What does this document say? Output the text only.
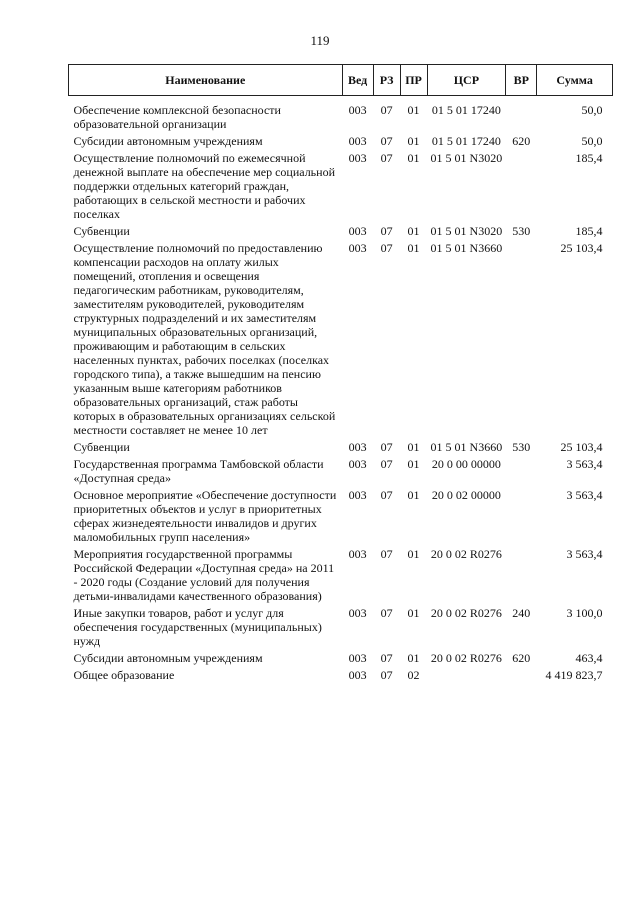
119
Наименование	Вед	РЗ	ПР	ЦСР	ВР	Сумма
Обеспечение комплексной безопасности образовательной организации	003	07	01	01 5 01 17240		50,0
Субсидии автономным учреждениям	003	07	01	01 5 01 17240	620	50,0
Осуществление полномочий по ежемесячной денежной выплате на обеспечение мер социальной поддержки отдельных категорий граждан, работающих в сельской местности и рабочих поселках	003	07	01	01 5 01 N3020		185,4
Субвенции	003	07	01	01 5 01 N3020	530	185,4
Осуществление полномочий по предоставлению компенсации расходов на оплату жилых помещений, отопления и освещения педагогическим работникам, руководителям, заместителям руководителей, руководителям структурных подразделений и их заместителям муниципальных образовательных организаций, проживающим и работающим в сельских населенных пунктах, рабочих поселках (поселках городского типа), а также вышедшим на пенсию указанным выше категориям работников образовательных организаций, стаж работы которых в образовательных организациях сельской местности составляет не менее 10 лет	003	07	01	01 5 01 N3660		25 103,4
Субвенции	003	07	01	01 5 01 N3660	530	25 103,4
Государственная программа Тамбовской области «Доступная среда»	003	07	01	20 0 00 00000		3 563,4
Основное мероприятие «Обеспечение доступности приоритетных объектов и услуг в приоритетных сферах жизнедеятельности инвалидов и других маломобильных групп населения»	003	07	01	20 0 02 00000		3 563,4
Мероприятия государственной программы Российской Федерации «Доступная среда» на 2011 - 2020 годы (Создание условий для получения детьми-инвалидами качественного образования)	003	07	01	20 0 02 R0276		3 563,4
Иные закупки товаров, работ и услуг для обеспечения государственных (муниципальных) нужд	003	07	01	20 0 02 R0276	240	3 100,0
Субсидии автономным учреждениям	003	07	01	20 0 02 R0276	620	463,4
Общее образование	003	07	02			4 419 823,7
